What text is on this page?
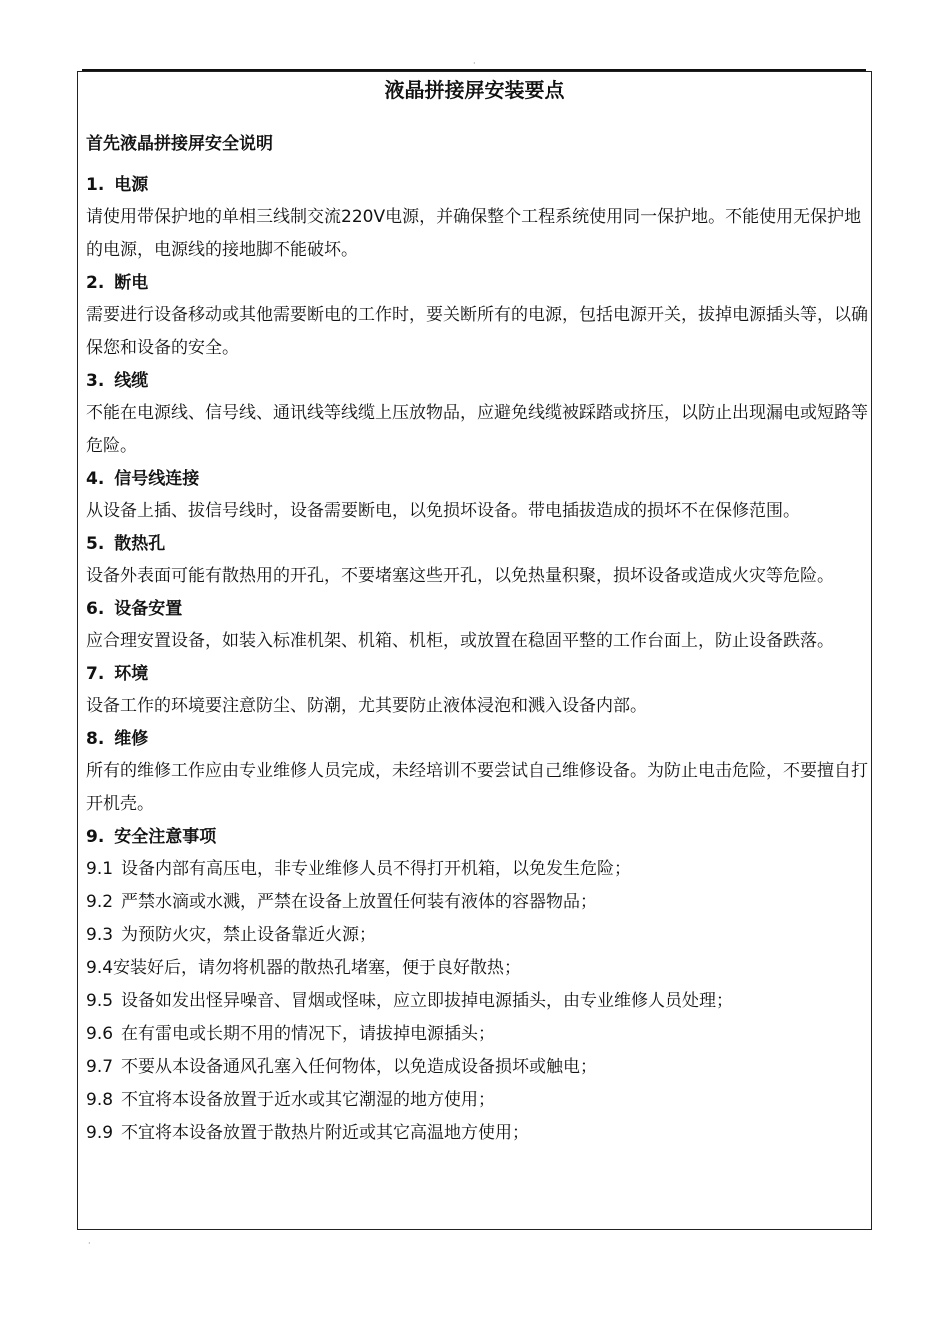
·
液晶拼接屏安装要点

首先液晶拼接屏安全说明

1. 电源

请使用带保护地的单相三线制交流220V电源，并确保整个工程系统使用同一保护地。不能使用无保护地的电源，电源线的接地脚不能破坏。

2. 断电

需要进行设备移动或其他需要断电的工作时，要关断所有的电源，包括电源开关，拔掉电源插头等，以确保您和设备的安全。

3. 线缆

不能在电源线、信号线、通讯线等线缆上压放物品，应避免线缆被踩踏或挤压，以防止出现漏电或短路等危险。

4. 信号线连接

从设备上插、拔信号线时，设备需要断电，以免损坏设备。带电插拔造成的损坏不在保修范围。

5. 散热孔

设备外表面可能有散热用的开孔，不要堵塞这些开孔，以免热量积聚，损坏设备或造成火灾等危险。

6. 设备安置

应合理安置设备，如装入标准机架、机箱、机柜，或放置在稳固平整的工作台面上，防止设备跌落。

7. 环境

设备工作的环境要注意防尘、防潮，尤其要防止液体浸泡和溅入设备内部。

8. 维修

所有的维修工作应由专业维修人员完成，未经培训不要尝试自己维修设备。为防止电击危险，不要擅自打开机壳。

9. 安全注意事项

9.1 设备内部有高压电，非专业维修人员不得打开机箱，以免发生危险；
9.2 严禁水滴或水溅，严禁在设备上放置任何装有液体的容器物品；
9.3 为预防火灾，禁止设备靠近火源；
9.4安装好后，请勿将机器的散热孔堵塞，便于良好散热；
9.5 设备如发出怪异噪音、冒烟或怪味，应立即拔掉电源插头，由专业维修人员处理；
9.6 在有雷电或长期不用的情况下，请拔掉电源插头；
9.7 不要从本设备通风孔塞入任何物体，以免造成设备损坏或触电；
9.8 不宜将本设备放置于近水或其它潮湿的地方使用；
9.9 不宜将本设备放置于散热片附近或其它高温地方使用；
·
